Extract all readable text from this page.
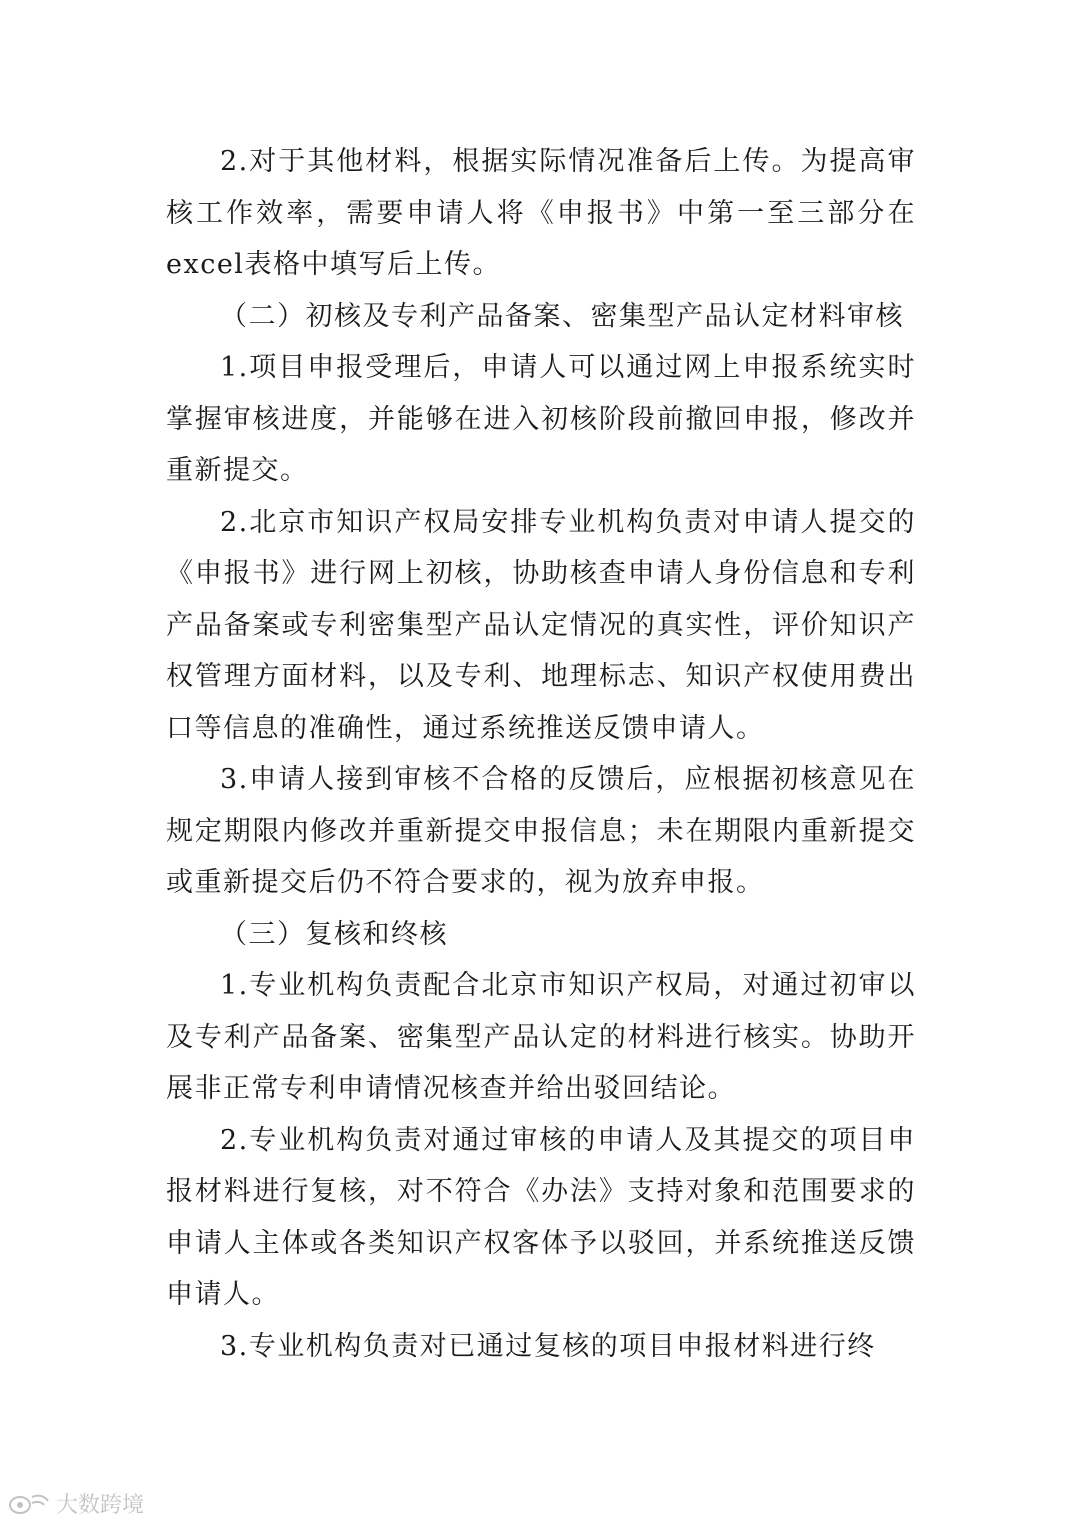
2.对于其他材料，根据实际情况准备后上传。为提高审核工作效率，需要申请人将《申报书》中第一至三部分在excel表格中填写后上传。

（二）初核及专利产品备案、密集型产品认定材料审核

1.项目申报受理后，申请人可以通过网上申报系统实时掌握审核进度，并能够在进入初核阶段前撤回申报，修改并重新提交。

2.北京市知识产权局安排专业机构负责对申请人提交的《申报书》进行网上初核，协助核查申请人身份信息和专利产品备案或专利密集型产品认定情况的真实性，评价知识产权管理方面材料，以及专利、地理标志、知识产权使用费出口等信息的准确性，通过系统推送反馈申请人。

3.申请人接到审核不合格的反馈后，应根据初核意见在规定期限内修改并重新提交申报信息；未在期限内重新提交或重新提交后仍不符合要求的，视为放弃申报。

（三）复核和终核

1.专业机构负责配合北京市知识产权局，对通过初审以及专利产品备案、密集型产品认定的材料进行核实。协助开展非正常专利申请情况核查并给出驳回结论。

2.专业机构负责对通过审核的申请人及其提交的项目申报材料进行复核，对不符合《办法》支持对象和范围要求的申请人主体或各类知识产权客体予以驳回，并系统推送反馈申请人。

3.专业机构负责对已通过复核的项目申报材料进行终

大数跨境
